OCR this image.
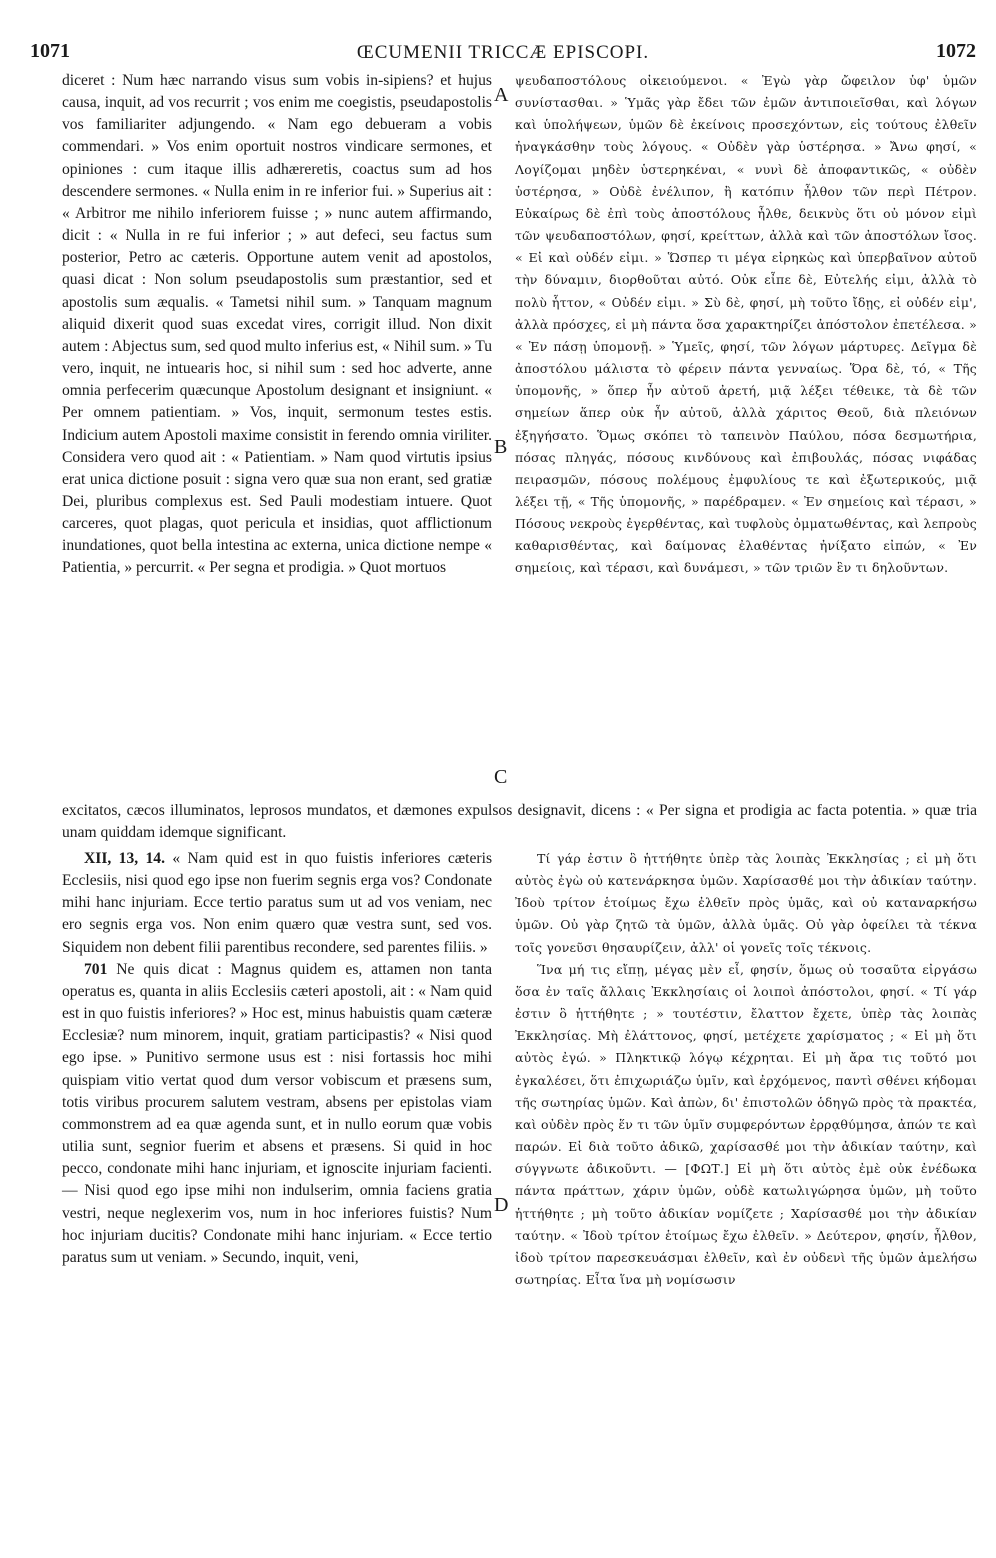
1071	ŒCUMENII TRICCÆ EPISCOPI.	1072
A
B
C
D

diceret : Num hæc narrando visus sum vobis in-sipiens? et hujus causa, inquit, ad vos recurrit ; vos enim me coegistis, pseudapostolis vos familiariter adjungendo. « Nam ego debueram a vobis commendari. » Vos enim oportuit nostros vindicare sermones, et opiniones : cum itaque illis adhæreretis, coactus sum ad hos descendere sermones. « Nulla enim in re inferior fui. » Superius ait : « Arbitror me nihilo inferiorem fuisse ; » nunc autem affirmando, dicit : « Nulla in re fui inferior ; » aut defeci, seu factus sum posterior, Petro ac cæteris. Opportune autem venit ad apostolos, quasi dicat : Non solum pseudapostolis sum præstantior, sed et apostolis sum æqualis. « Tametsi nihil sum. » Tanquam magnum aliquid dixerit quod suas excedat vires, corrigit illud. Non dixit autem : Abjectus sum, sed quod multo inferius est, « Nihil sum. » Tu vero, inquit, ne intuearis hoc, si nihil sum : sed hoc adverte, anne omnia perfecerim quæcunque Apostolum designant et insigniunt. « Per omnem patientiam. » Vos, inquit, sermonum testes estis. Indicium autem Apostoli maxime consistit in ferendo omnia viriliter. Considera vero quod ait : « Patientiam. » Nam quod virtutis ipsius erat unica dictione posuit : signa vero quæ sua non erant, sed gratiæ Dei, pluribus complexus est. Sed Pauli modestiam intuere. Quot carceres, quot plagas, quot pericula et insidias, quot afflictionum inundationes, quot bella intestina ac externa, unica dictione nempe « Patientia, » percurrit. « Per segna et prodigia. » Quot mortuos

ψευδαποστόλους οἰκειούμενοι. « Ἐγὼ γὰρ ὤφειλον ὑφ' ὑμῶν συνίστασθαι. » Ὑμᾶς γὰρ ἔδει τῶν ἐμῶν ἀντιποιεῖσθαι, καὶ λόγων καὶ ὑπολήψεων, ὑμῶν δὲ ἐκείνοις προσεχόντων, εἰς τούτους ἐλθεῖν ἠναγκάσθην τοὺς λόγους. « Οὐδὲν γὰρ ὑστέρησα. » Ἄνω φησί, « Λογίζομαι μηδὲν ὑστερηκέναι, « νυνὶ δὲ ἀποφαντικῶς, « οὐδὲν ὑστέρησα, » Οὐδὲ ἐνέλιπον, ἢ κατόπιν ἦλθον τῶν περὶ Πέτρον. Εὐκαίρως δὲ ἐπὶ τοὺς ἀποστόλους ἦλθε, δεικνὺς ὅτι οὐ μόνον εἰμὶ τῶν ψευδαποστόλων, φησί, κρείττων, ἀλλὰ καὶ τῶν ἀποστόλων ἴσος. « Εἰ καὶ οὐδέν εἰμι. » Ὥσπερ τι μέγα εἰρηκὼς καὶ ὑπερβαῖνον αὐτοῦ τὴν δύναμιν, διορθοῦται αὐτό. Οὐκ εἶπε δὲ, Εὐτελής εἰμι, ἀλλὰ τὸ πολὺ ἧττον, « Οὐδέν εἰμι. » Σὺ δὲ, φησί, μὴ τοῦτο ἴδῃς, εἰ οὐδέν εἰμ', ἀλλὰ πρόσχες, εἰ μὴ πάντα ὅσα χαρακτηρίζει ἀπόστολον ἐπετέλεσα. » « Ἐν πάσῃ ὑπομονῇ. » Ὑμεῖς, φησί, τῶν λόγων μάρτυρες. Δεῖγμα δὲ ἀποστόλου μάλιστα τὸ φέρειν πάντα γενναίως. Ὅρα δὲ, τό, « Τῆς ὑπομονῆς, » ὅπερ ἦν αὐτοῦ ἀρετή, μιᾷ λέξει τέθεικε, τὰ δὲ τῶν σημείων ἅπερ οὐκ ἦν αὐτοῦ, ἀλλὰ χάριτος Θεοῦ, διὰ πλειόνων ἐξηγήσατο. Ὅμως σκόπει τὸ ταπεινὸν Παύλου, πόσα δεσμωτήρια, πόσας πληγάς, πόσους κινδύνους καὶ ἐπιβουλάς, πόσας νιφάδας πειρασμῶν, πόσους πολέμους ἐμφυλίους τε καὶ ἐξωτερικούς, μιᾷ λέξει τῇ, « Τῆς ὑπομονῆς, » παρέδραμεν. « Ἐν σημείοις καὶ τέρασι, » Πόσους νεκροὺς ἐγερθέντας, καὶ τυφλοὺς ὀμματωθέντας, καὶ λεπροὺς καθαρισθέντας, καὶ δαίμονας ἐλαθέντας ἠνίξατο εἰπών, « Ἐν σημείοις, καὶ τέρασι, καὶ δυνάμεσι, » τῶν τριῶν ἓν τι δηλοῦντων.

excitatos, cæcos illuminatos, leprosos mundatos, et dæmones expulsos designavit, dicens : « Per signa et prodigia ac facta potentia. » quæ tria unam quiddam idemque significant.

XII, 13, 14. « Nam quid est in quo fuistis inferiores cæteris Ecclesiis, nisi quod ego ipse non fuerim segnis erga vos? Condonate mihi hanc injuriam. Ecce tertio paratus sum ut ad vos veniam, nec ero segnis erga vos. Non enim quæro quæ vestra sunt, sed vos. Siquidem non debent filii parentibus recondere, sed parentes filiis. »

701 Ne quis dicat : Magnus quidem es, attamen non tanta operatus es, quanta in aliis Ecclesiis cæteri apostoli, ait : « Nam quid est in quo fuistis inferiores? » Hoc est, minus habuistis quam cæteræ Ecclesiæ? num minorem, inquit, gratiam participastis? « Nisi quod ego ipse. » Punitivo sermone usus est : nisi fortassis hoc mihi quispiam vitio vertat quod dum versor vobiscum et præsens sum, totis viribus procurem salutem vestram, absens per epistolas viam commonstrem ad ea quæ agenda sunt, et in nullo eorum quæ vobis utilia sunt, segnior fuerim et absens et præsens. Si quid in hoc pecco, condonate mihi hanc injuriam, et ignoscite injuriam facienti. — Nisi quod ego ipse mihi non indulserim, omnia faciens gratia vestri, neque neglexerim vos, num in hoc inferiores fuistis? Num hoc injuriam ducitis? Condonate mihi hanc injuriam. « Ecce tertio paratus sum ut veniam. » Secundo, inquit, veni,

Τί γάρ ἐστιν ὃ ἡττήθητε ὑπὲρ τὰς λοιπὰς Ἐκκλησίας ; εἰ μὴ ὅτι αὐτὸς ἐγὼ οὐ κατενάρκησα ὑμῶν. Χαρίσασθέ μοι τὴν ἀδικίαν ταύτην. Ἰδοὺ τρίτον ἑτοίμως ἔχω ἐλθεῖν πρὸς ὑμᾶς, καὶ οὐ καταναρκήσω ὑμῶν. Οὐ γὰρ ζητῶ τὰ ὑμῶν, ἀλλὰ ὑμᾶς. Οὐ γὰρ ὀφείλει τὰ τέκνα τοῖς γονεῦσι θησαυρίζειν, ἀλλ' οἱ γονεῖς τοῖς τέκνοις.

Ἵνα μή τις εἴπῃ, μέγας μὲν εἶ, φησίν, ὅμως οὐ τοσαῦτα εἰργάσω ὅσα ἐν ταῖς ἄλλαις Ἐκκλησίαις οἱ λοιποὶ ἀπόστολοι, φησί. « Τί γάρ ἐστιν ὃ ἡττήθητε ; » τουτέστιν, ἔλαττον ἔχετε, ὑπὲρ τὰς λοιπὰς Ἐκκλησίας. Μὴ ἐλάττονος, φησί, μετέχετε χαρίσματος ; « Εἰ μὴ ὅτι αὐτὸς ἐγώ. » Πληκτικῷ λόγῳ κέχρηται. Εἰ μὴ ἄρα τις τοῦτό μοι ἐγκαλέσει, ὅτι ἐπιχωριάζω ὑμῖν, καὶ ἐρχόμενος, παντὶ σθένει κήδομαι τῆς σωτηρίας ὑμῶν. Καὶ ἀπὼν, δι' ἐπιστολῶν ὁδηγῶ πρὸς τὰ πρακτέα, καὶ οὐδὲν πρὸς ἕν τι τῶν ὑμῖν συμφερόντων ἐρρᾳθύμησα, ἀπών τε καὶ παρών. Εἰ διὰ τοῦτο ἀδικῶ, χαρίσασθέ μοι τὴν ἀδικίαν ταύτην, καὶ σύγγνωτε ἀδικοῦντι. — [ΦΩΤ.] Εἰ μὴ ὅτι αὐτὸς ἐμὲ οὐκ ἐνέδωκα πάντα πράττων, χάριν ὑμῶν, οὐδὲ κατωλιγώρησα ὑμῶν, μὴ τοῦτο ἡττήθητε ; μὴ τοῦτο ἀδικίαν νομίζετε ; Χαρίσασθέ μοι τὴν ἀδικίαν ταύτην. « Ἰδοὺ τρίτον ἑτοίμως ἔχω ἐλθεῖν. » Δεύτερον, φησίν, ἦλθον, ἰδοὺ τρίτον παρεσκευάσμαι ἐλθεῖν, καὶ ἐν οὐδενὶ τῆς ὑμῶν ἀμελήσω σωτηρίας. Εἶτα ἵνα μὴ νομίσωσιν
